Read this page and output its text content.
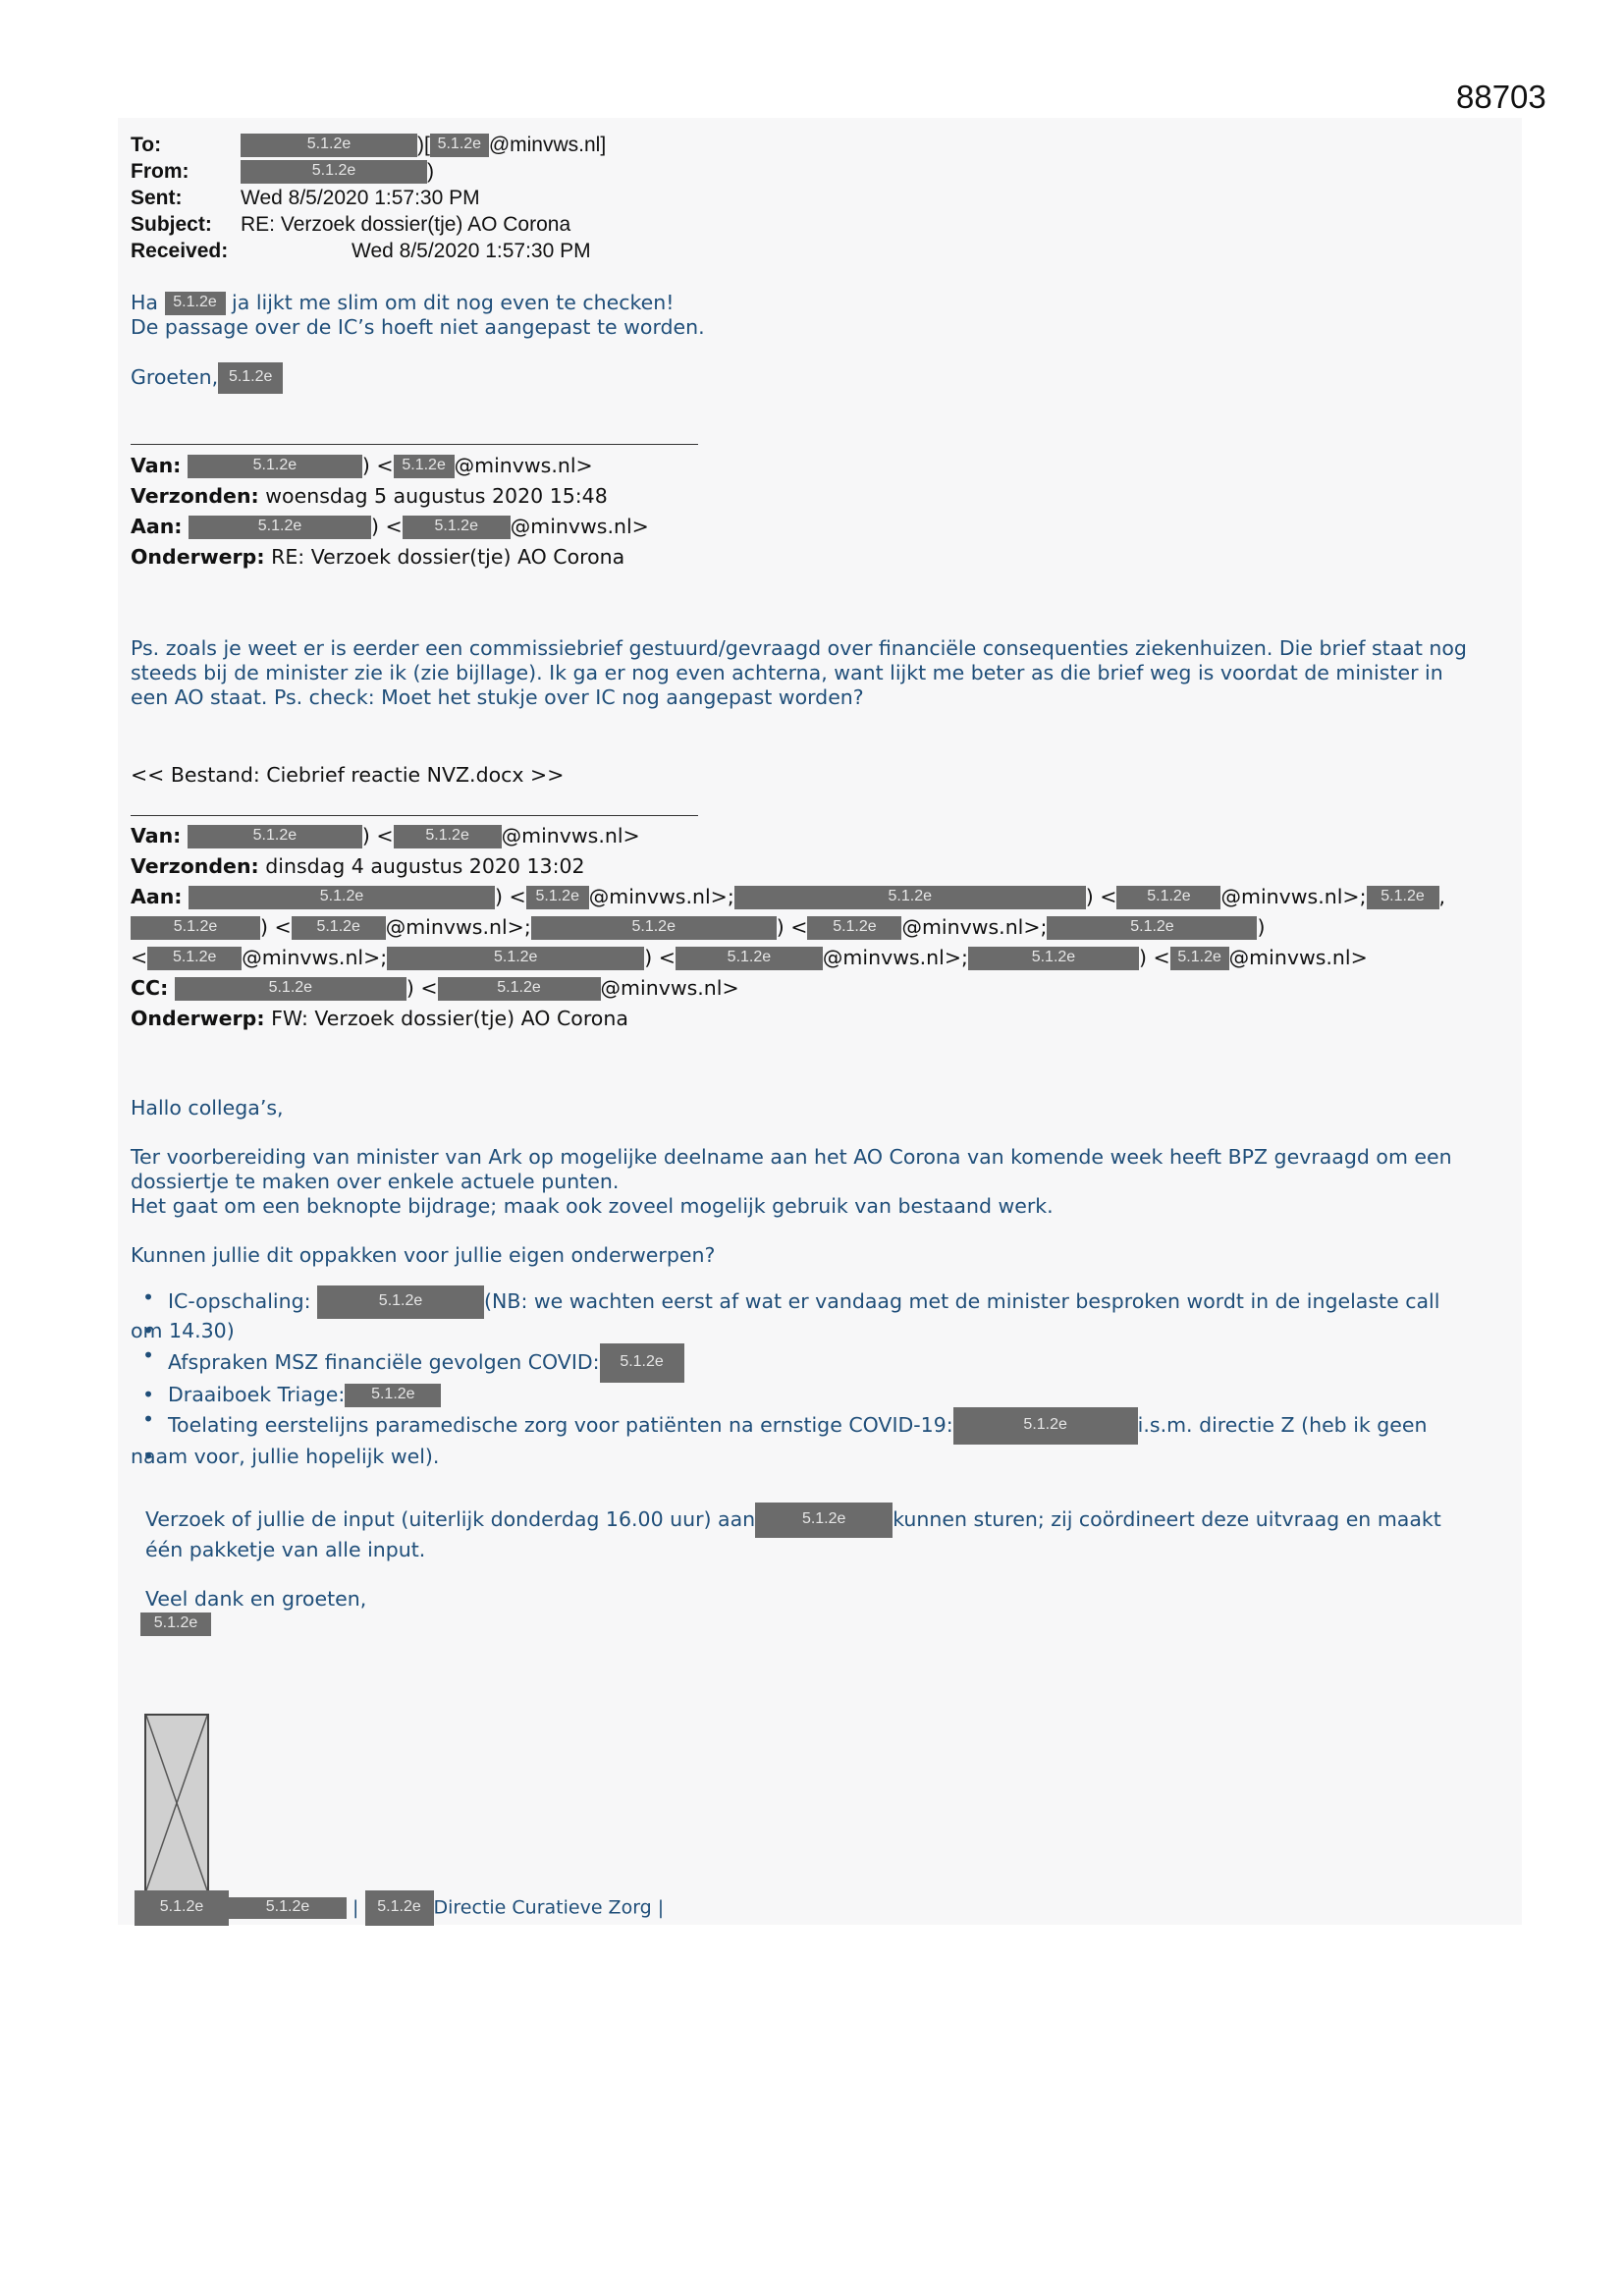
88703
To:	5.1.2e	)[ 5.1.2e @minvws.nl]
From:	5.1.2e	)
Sent:	Wed 8/5/2020 1:57:30 PM
Subject: RE: Verzoek dossier(tje) AO Corona
Received:	Wed 8/5/2020 1:57:30 PM
Ha 5.1.2e ja lijkt me slim om dit nog even te checken!
De passage over de IC’s hoeft niet aangepast te worden.
Groeten, 5.1.2e
Van:	5.1.2e	) < 5.1.2e @minvws.nl>
Verzonden: woensdag 5 augustus 2020 15:48
Aan:	5.1.2e	) < 5.1.2e @minvws.nl>
Onderwerp: RE: Verzoek dossier(tje) AO Corona
Ps. zoals je weet er is eerder een commissiebrief gestuurd/gevraagd over financiële consequenties ziekenhuizen. Die brief staat nog
steeds bij de minister zie ik (zie bijllage). Ik ga er nog even achterna, want lijkt me beter as die brief weg is voordat de minister in
een AO staat. Ps. check: Moet het stukje over IC nog aangepast worden?
<< Bestand: Ciebrief reactie NVZ.docx >>
Van:	5.1.2e	) < 5.1.2e @minvws.nl>
Verzonden: dinsdag 4 augustus 2020 13:02
Aan:	5.1.2e	) < 5.1.2e @minvws.nl>;	5.1.2e	) < 5.1.2e @minvws.nl>; 5.1.2e ,
5.1.2e ) < 5.1.2e @minvws.nl>;	5.1.2e	) < 5.1.2e @minvws.nl>;	5.1.2e	)
< 5.1.2e @minvws.nl>;	5.1.2e	) <	5.1.2e	@minvws.nl>;	5.1.2e	) < 5.1.2e @minvws.nl>
CC:	5.1.2e	) <	5.1.2e	@minvws.nl>
Onderwerp: FW: Verzoek dossier(tje) AO Corona
Hallo collega’s,
Ter voorbereiding van minister van Ark op mogelijke deelname aan het AO Corona van komende week heeft BPZ gevraagd om een
dossiertje te maken over enkele actuele punten.
Het gaat om een beknopte bijdrage; maak ook zoveel mogelijk gebruik van bestaand werk.
Kunnen jullie dit oppakken voor jullie eigen onderwerpen?
• IC-opschaling:	5.1.2e	(NB: we wachten eerst af wat er vandaag met de minister besproken wordt in de ingelaste call
• om 14.30)
• Afspraken MSZ financiële gevolgen COVID: 5.1.2e
• Draaiboek Triage: 5.1.2e
• Toelating eerstelijns paramedische zorg voor patiënten na ernstige COVID-19:	5.1.2e	i.s.m. directie Z (heb ik geen
• naam voor, jullie hopelijk wel).
Verzoek of jullie de input (uiterlijk donderdag 16.00 uur) aan	5.1.2e kunnen sturen; zij coördineert deze uitvraag en maakt
één pakketje van alle input.
Veel dank en groeten,
5.1.2e
5.1.2e	5.1.2e | 5.1.2e Directie Curatieve Zorg |
